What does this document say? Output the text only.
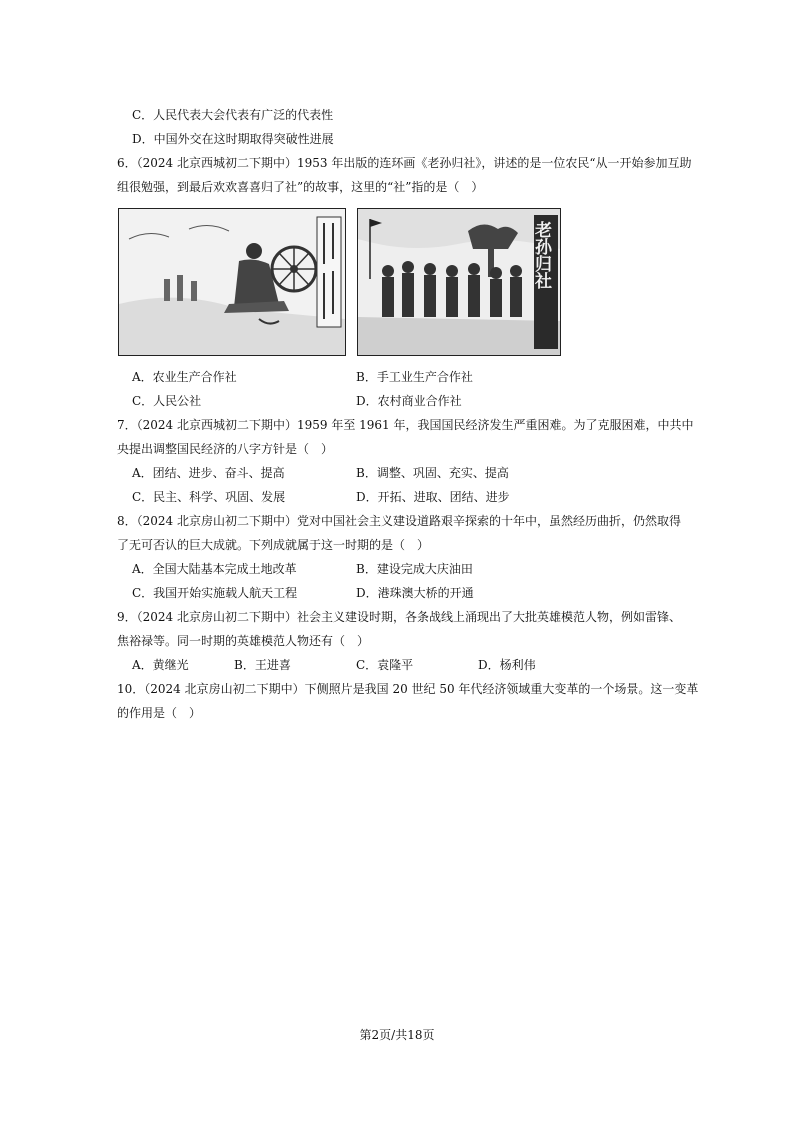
C．人民代表大会代表有广泛的代表性
D．中国外交在这时期取得突破性进展
6．（2024 北京西城初二下期中）1953 年出版的连环画《老孙归社》，讲述的是一位农民“从一开始参加互助
组很勉强，到最后欢欢喜喜归了社”的故事，这里的“社”指的是（　）
老孙归社
A．农业生产合作社	B．手工业生产合作社
C．人民公社	D．农村商业合作社
7．（2024 北京西城初二下期中）1959 年至 1961 年，我国国民经济发生严重困难。为了克服困难，中共中
央提出调整国民经济的八字方针是（　）
A．团结、进步、奋斗、提高	B．调整、巩固、充实、提高
C．民主、科学、巩固、发展	D．开拓、进取、团结、进步
8．（2024 北京房山初二下期中）党对中国社会主义建设道路艰辛探索的十年中，虽然经历曲折，仍然取得
了无可否认的巨大成就。下列成就属于这一时期的是（　）
A．全国大陆基本完成土地改革	B．建设完成大庆油田
C．我国开始实施载人航天工程	D．港珠澳大桥的开通
9．（2024 北京房山初二下期中）社会主义建设时期，各条战线上涌现出了大批英雄模范人物，例如雷锋、
焦裕禄等。同一时期的英雄模范人物还有（　）
A．黄继光	B．王进喜	C．袁隆平	D．杨利伟
10．（2024 北京房山初二下期中）下侧照片是我国 20 世纪 50 年代经济领域重大变革的一个场景。这一变革
的作用是（　）
第2页/共18页
